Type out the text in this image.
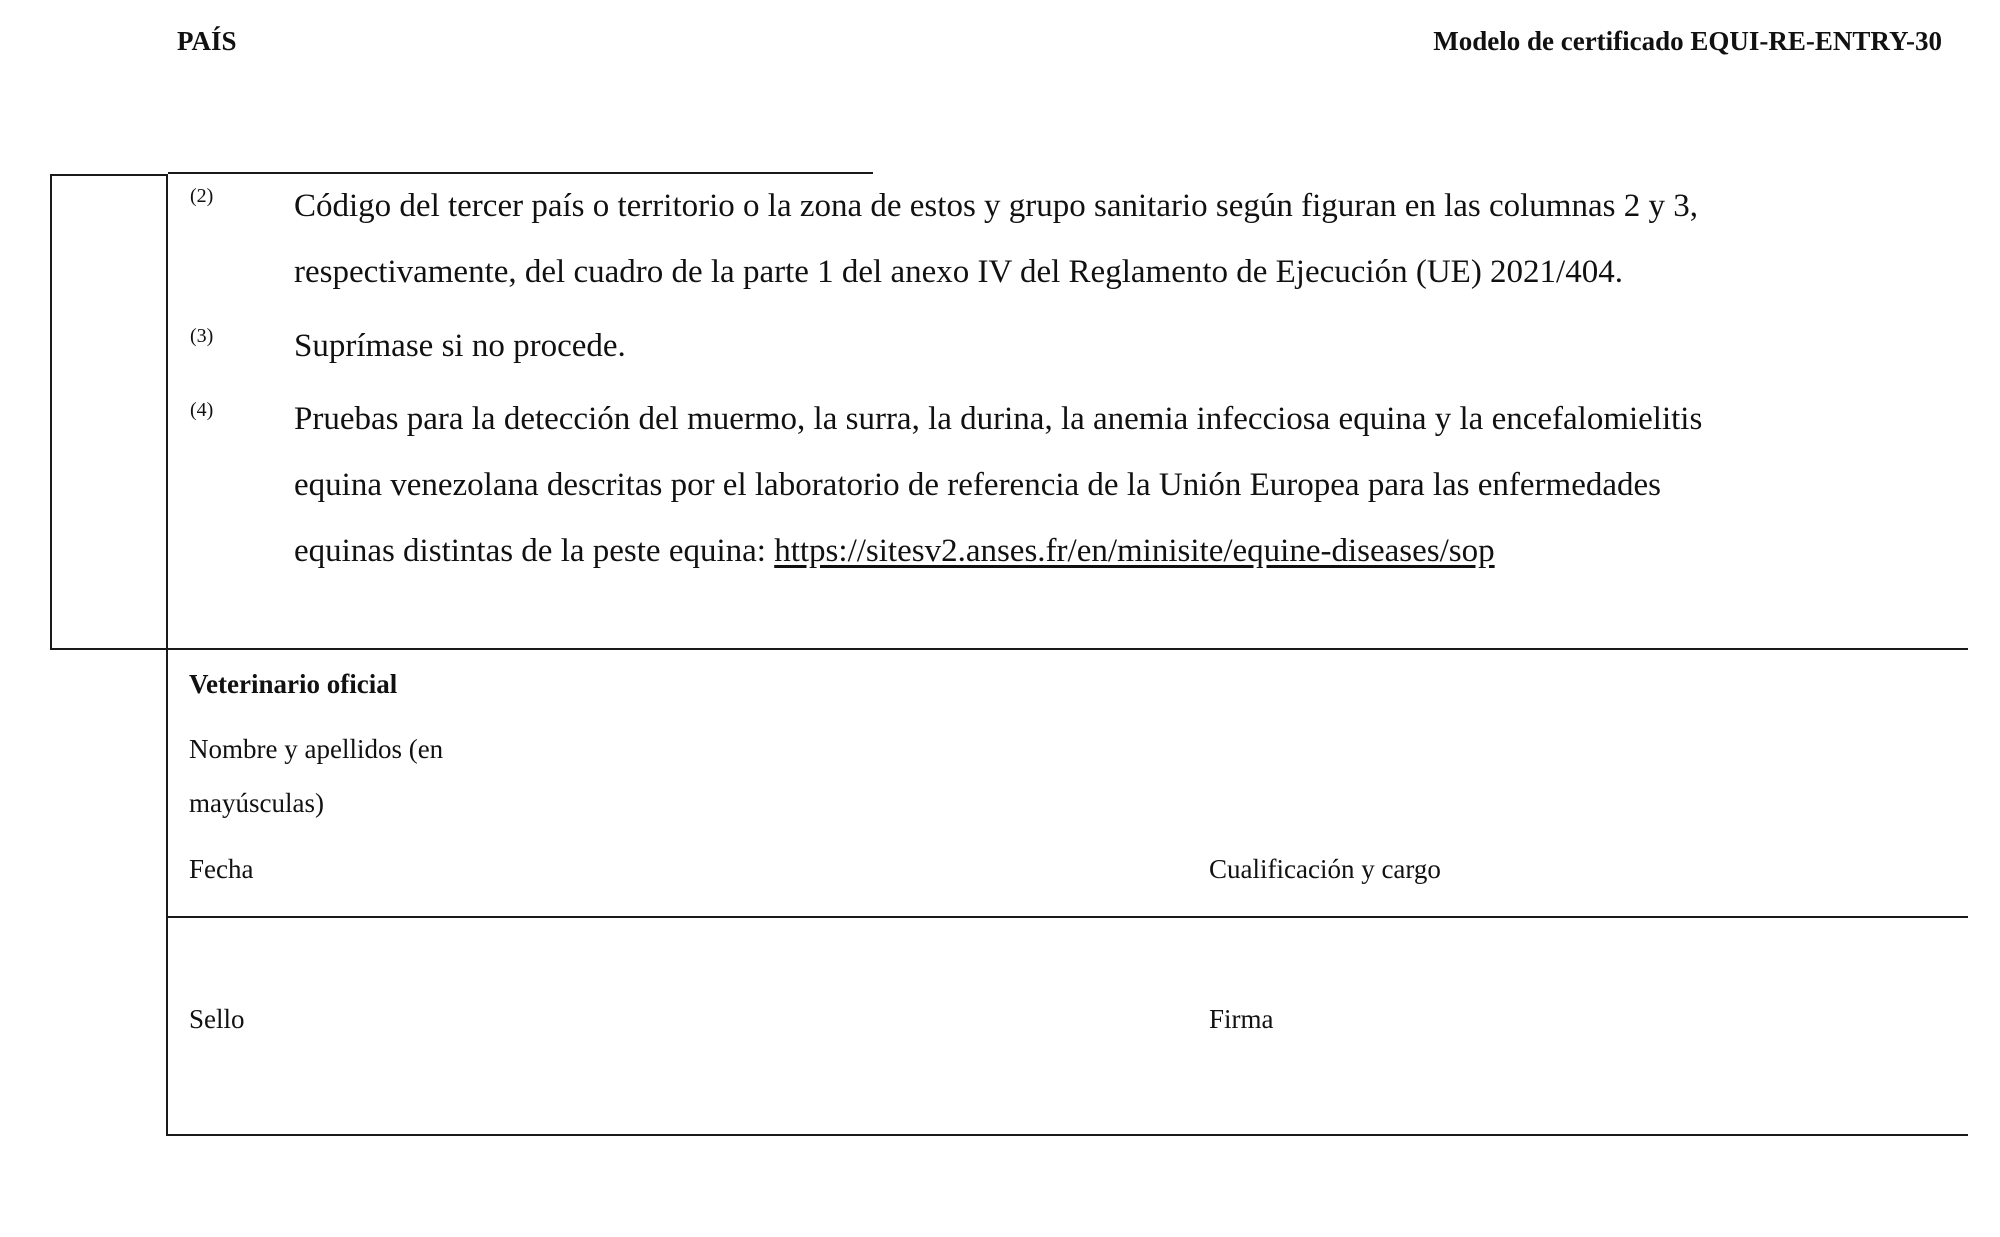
PAÍS	Modelo de certificado EQUI-RE-ENTRY-30
(2) Código del tercer país o territorio o la zona de estos y grupo sanitario según figuran en las columnas 2 y 3,
respectivamente, del cuadro de la parte 1 del anexo IV del Reglamento de Ejecución (UE) 2021/404.
(3) Suprímase si no procede.
(4) Pruebas para la detección del muermo, la surra, la durina, la anemia infecciosa equina y la encefalomielitis
equina venezolana descritas por el laboratorio de referencia de la Unión Europea para las enfermedades
equinas distintas de la peste equina: https://sitesv2.anses.fr/en/minisite/equine-diseases/sop
Veterinario oficial
Nombre y apellidos (en
mayúsculas)
Fecha	Cualificación y cargo
Sello	Firma
